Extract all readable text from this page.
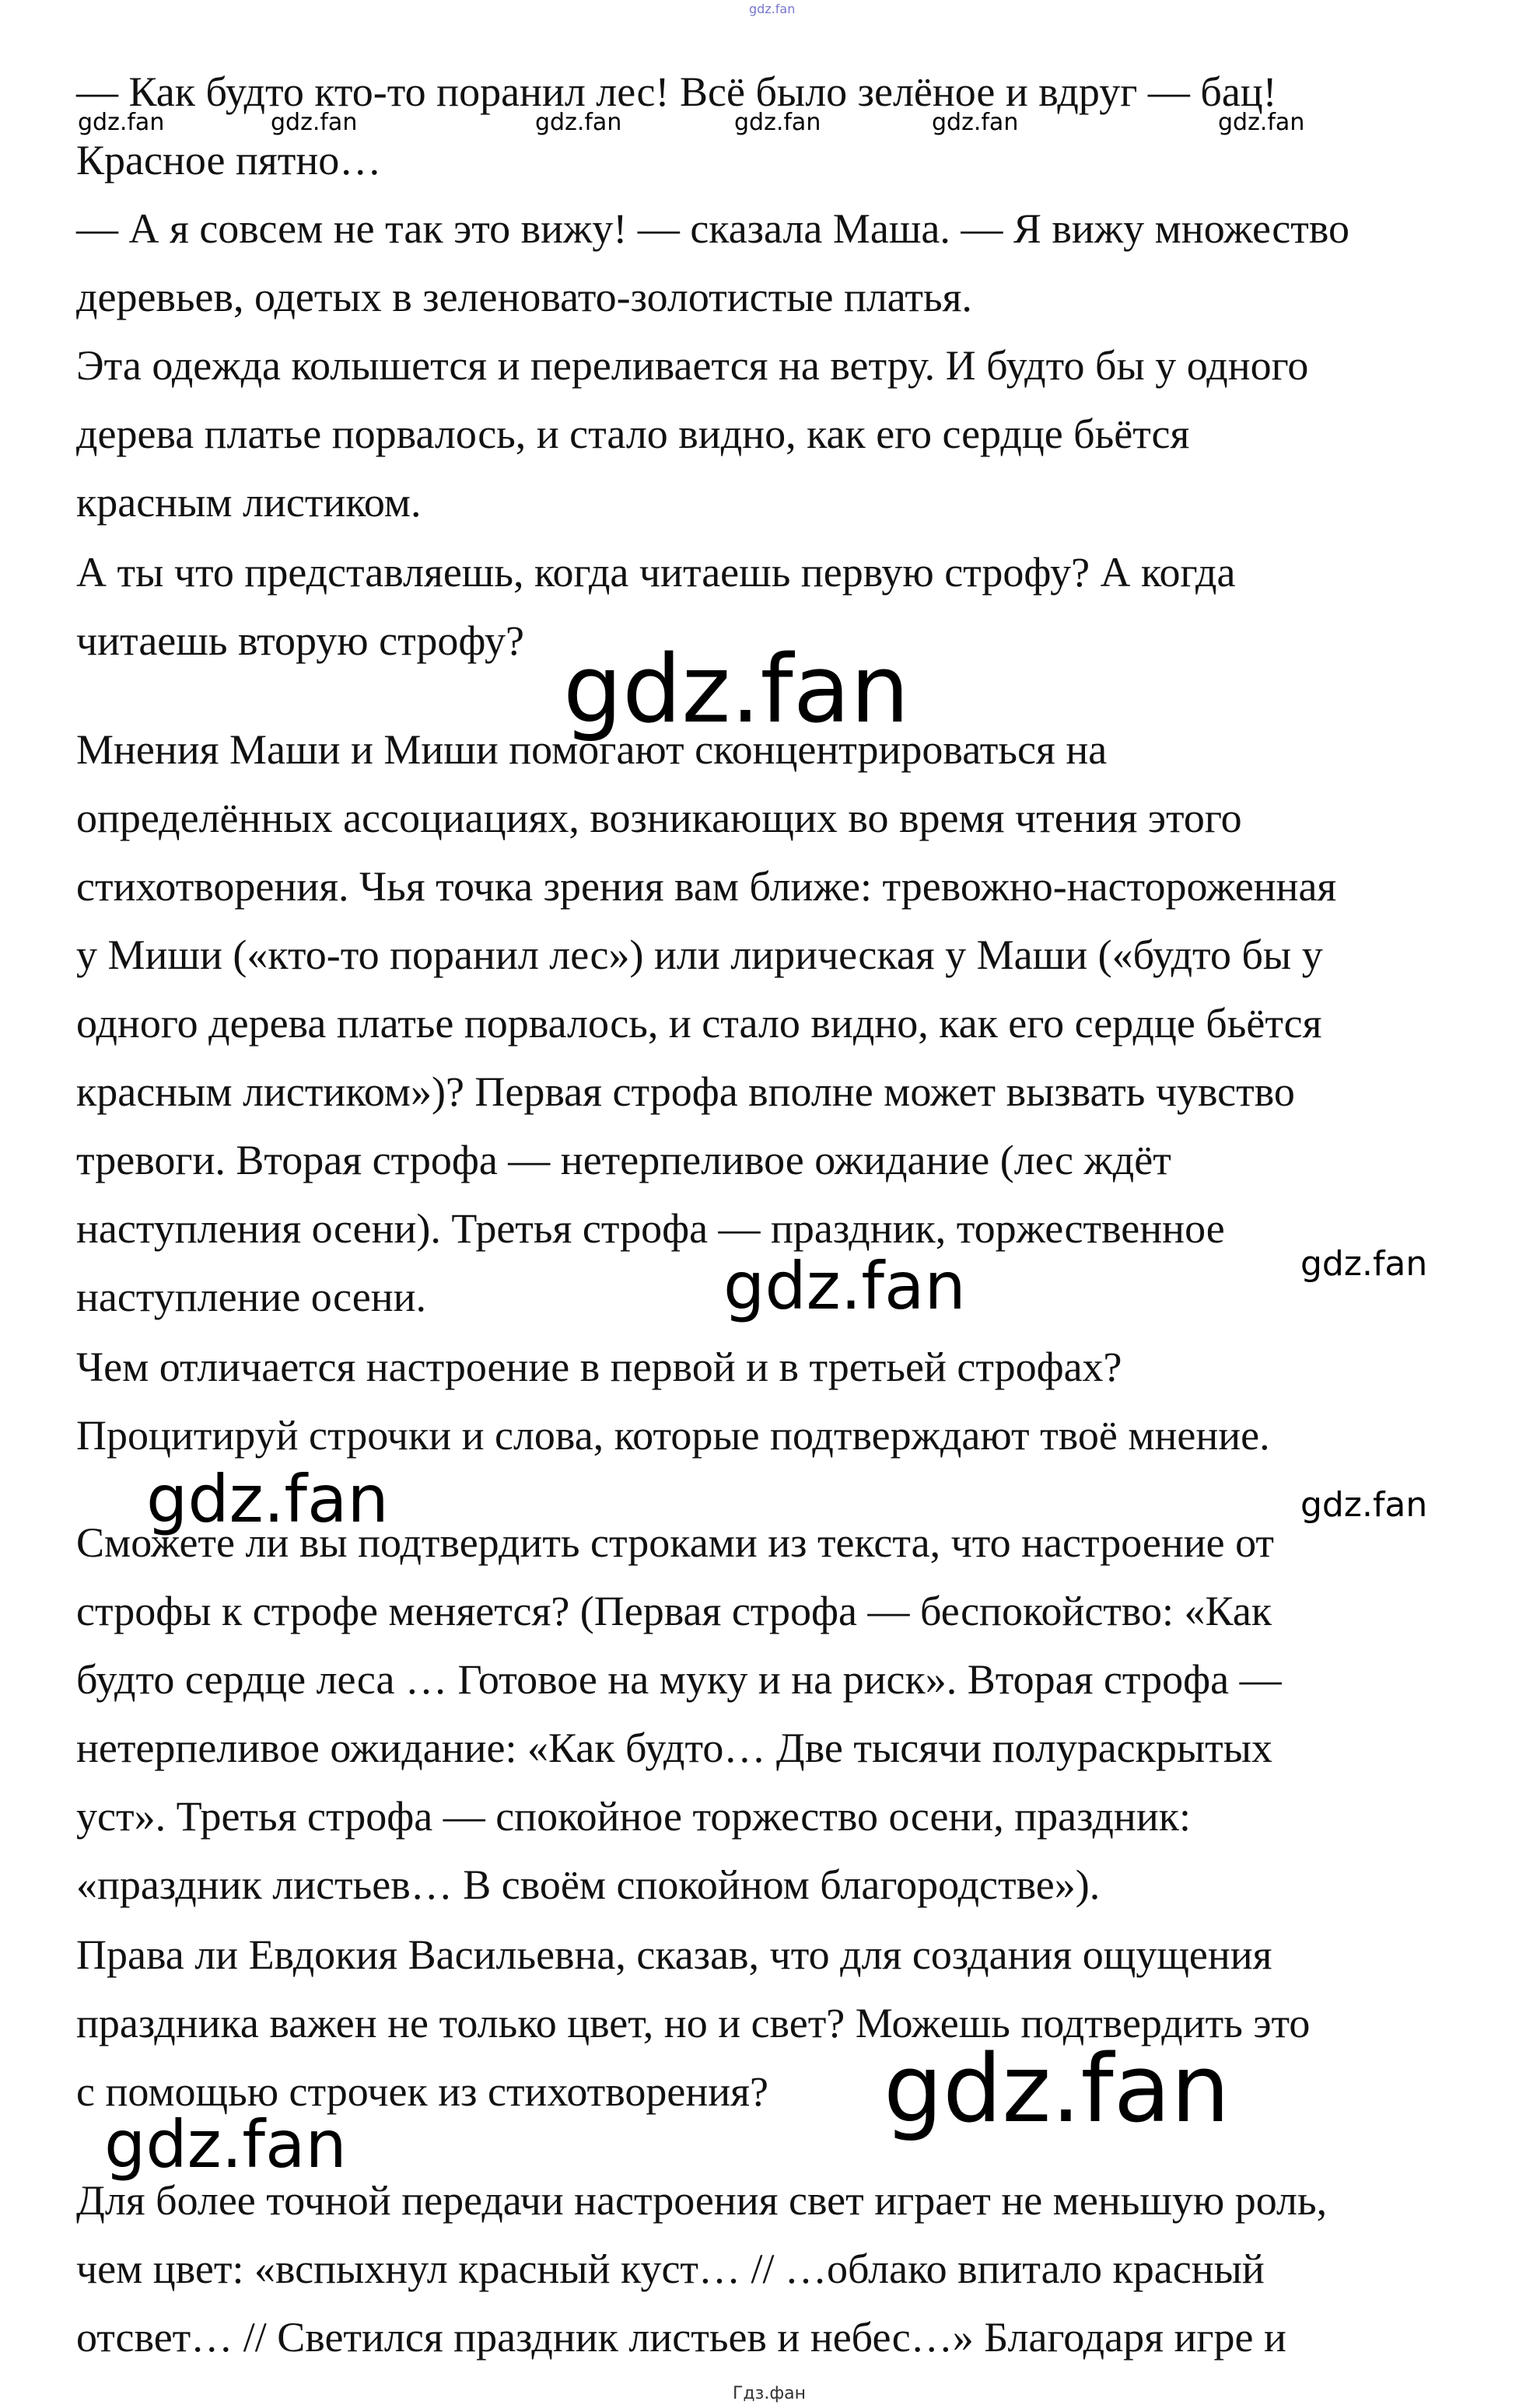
gdz.fan
— Как будто кто-то поранил лес! Всё было зелёное и вдруг — бац!
Красное пятно…
— А я совсем не так это вижу! — сказала Маша. — Я вижу множество
деревьев, одетых в зеленовато-золотистые платья.
Эта одежда колышется и переливается на ветру. И будто бы у одного
дерева платье порвалось, и стало видно, как его сердце бьётся
красным листиком.
А ты что представляешь, когда читаешь первую строфу? А когда
читаешь вторую строфу?
Мнения Маши и Миши помогают сконцентрироваться на
определённых ассоциациях, возникающих во время чтения этого
стихотворения. Чья точка зрения вам ближе: тревожно-настороженная
у Миши («кто-то поранил лес») или лирическая у Маши («будто бы у
одного дерева платье порвалось, и стало видно, как его сердце бьётся
красным листиком»)? Первая строфа вполне может вызвать чувство
тревоги. Вторая строфа — нетерпеливое ожидание (лес ждёт
наступления осени). Третья строфа — праздник, торжественное
наступление осени.
Чем отличается настроение в первой и в третьей строфах?
Процитируй строчки и слова, которые подтверждают твоё мнение.
Сможете ли вы подтвердить строками из текста, что настроение от
строфы к строфе меняется? (Первая строфа — беспокойство: «Как
будто сердце леса … Готовое на муку и на риск». Вторая строфа —
нетерпеливое ожидание: «Как будто… Две тысячи полураскрытых
уст». Третья строфа — спокойное торжество осени, праздник:
«праздник листьев… В своём спокойном благородстве»).
Права ли Евдокия Васильевна, сказав, что для создания ощущения
праздника важен не только цвет, но и свет? Можешь подтвердить это
с помощью строчек из стихотворения?
Для более точной передачи настроения свет играет не меньшую роль,
чем цвет: «вспыхнул красный куст… // …облако впитало красный
отсвет… // Светился праздник листьев и небес…» Благодаря игре и
gdz.fan	gdz.fan	gdz.fan	gdz.fan	gdz.fan	gdz.fan
gdz.fan
gdz.fan	gdz.fan
gdz.fan	gdz.fan
gdz.fan
gdz.fan
Гдз.фан
